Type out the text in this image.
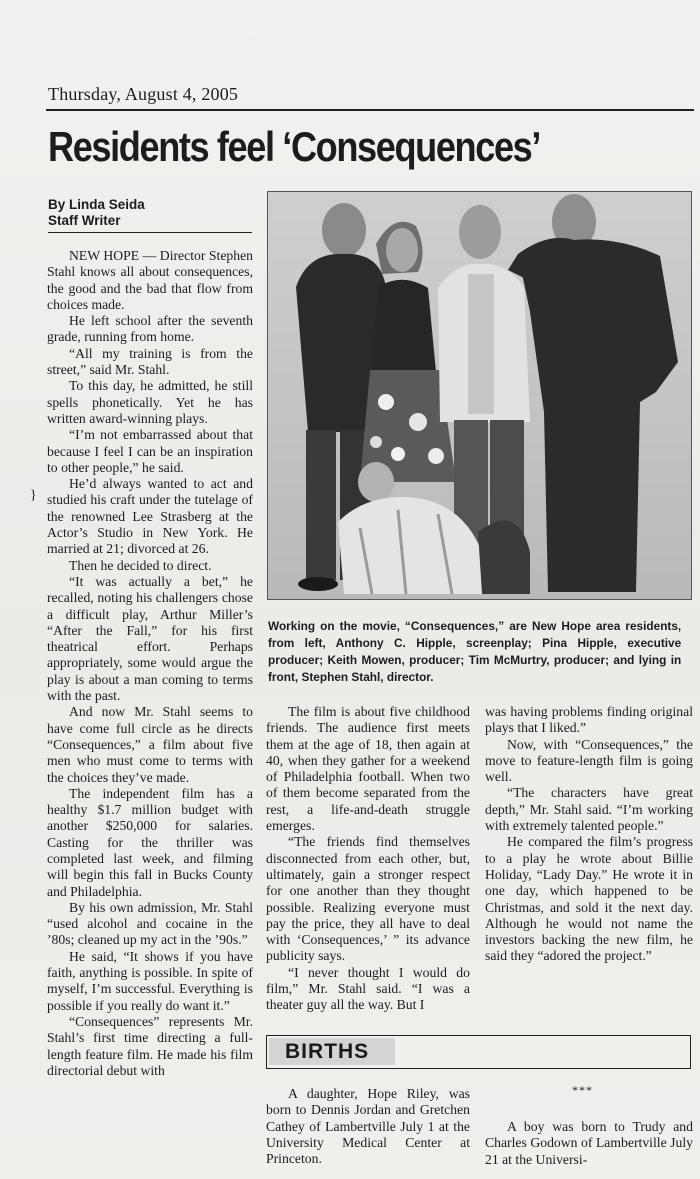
Thursday, August 4, 2005
Residents feel ‘Consequences’
By Linda Seida
Staff Writer
}
Working on the movie, “Consequences,” are New Hope area residents, from left, Anthony C. Hipple, screenplay; Pina Hipple, executive producer; Keith Mowen, producer; Tim McMurtry, producer; and lying in front, Stephen Stahl, director.

NEW HOPE — Director Stephen Stahl knows all about consequences, the good and the bad that flow from choices made.

He left school after the seventh grade, running from home.

“All my training is from the street,” said Mr. Stahl.

To this day, he admitted, he still spells phonetically. Yet he has written award-winning plays.

“I’m not embarrassed about that because I feel I can be an inspiration to other people,” he said.

He’d always wanted to act and studied his craft under the tutelage of the renowned Lee Strasberg at the Actor’s Studio in New York. He married at 21; divorced at 26.

Then he decided to direct.

“It was actually a bet,” he recalled, noting his challengers chose a difficult play, Arthur Miller’s “After the Fall,” for his first theatrical effort. Perhaps appropriately, some would argue the play is about a man coming to terms with the past.

And now Mr. Stahl seems to have come full circle as he directs “Consequences,” a film about five men who must come to terms with the choices they’ve made.

The independent film has a healthy $1.7 million budget with another $250,000 for salaries. Casting for the thriller was completed last week, and filming will begin this fall in Bucks County and Philadelphia.

By his own admission, Mr. Stahl “used alcohol and cocaine in the ’80s; cleaned up my act in the ’90s.”

He said, “It shows if you have faith, anything is possible. In spite of myself, I’m successful. Everything is possible if you really do want it.”

“Consequences” represents Mr. Stahl’s first time directing a full-length feature film. He made his film directorial debut with

The film is about five childhood friends. The audience first meets them at the age of 18, then again at 40, when they gather for a weekend of Philadelphia football. When two of them become separated from the rest, a life-and-death struggle emerges.

“The friends find themselves disconnected from each other, but, ultimately, gain a stronger respect for one another than they thought possible. Realizing everyone must pay the price, they all have to deal with ‘Consequences,’ ” its advance publicity says.

“I never thought I would do film,” Mr. Stahl said. “I was a theater guy all the way. But I

was having problems finding original plays that I liked.”

Now, with “Consequences,” the move to feature-length film is going well.

“The characters have great depth,” Mr. Stahl said. “I’m working with extremely talented people.”

He compared the film’s progress to a play he wrote about Billie Holiday, “Lady Day.” He wrote it in one day, which happened to be Christmas, and sold it the next day. Although he would not name the investors backing the new film, he said they “adored the project.”

BIRTHS

A daughter, Hope Riley, was born to Dennis Jordan and Gretchen Cathey of Lambertville July 1 at the University Medical Center at Princeton.

***

A boy was born to Trudy and Charles Godown of Lambertville July 21 at the Universi-
